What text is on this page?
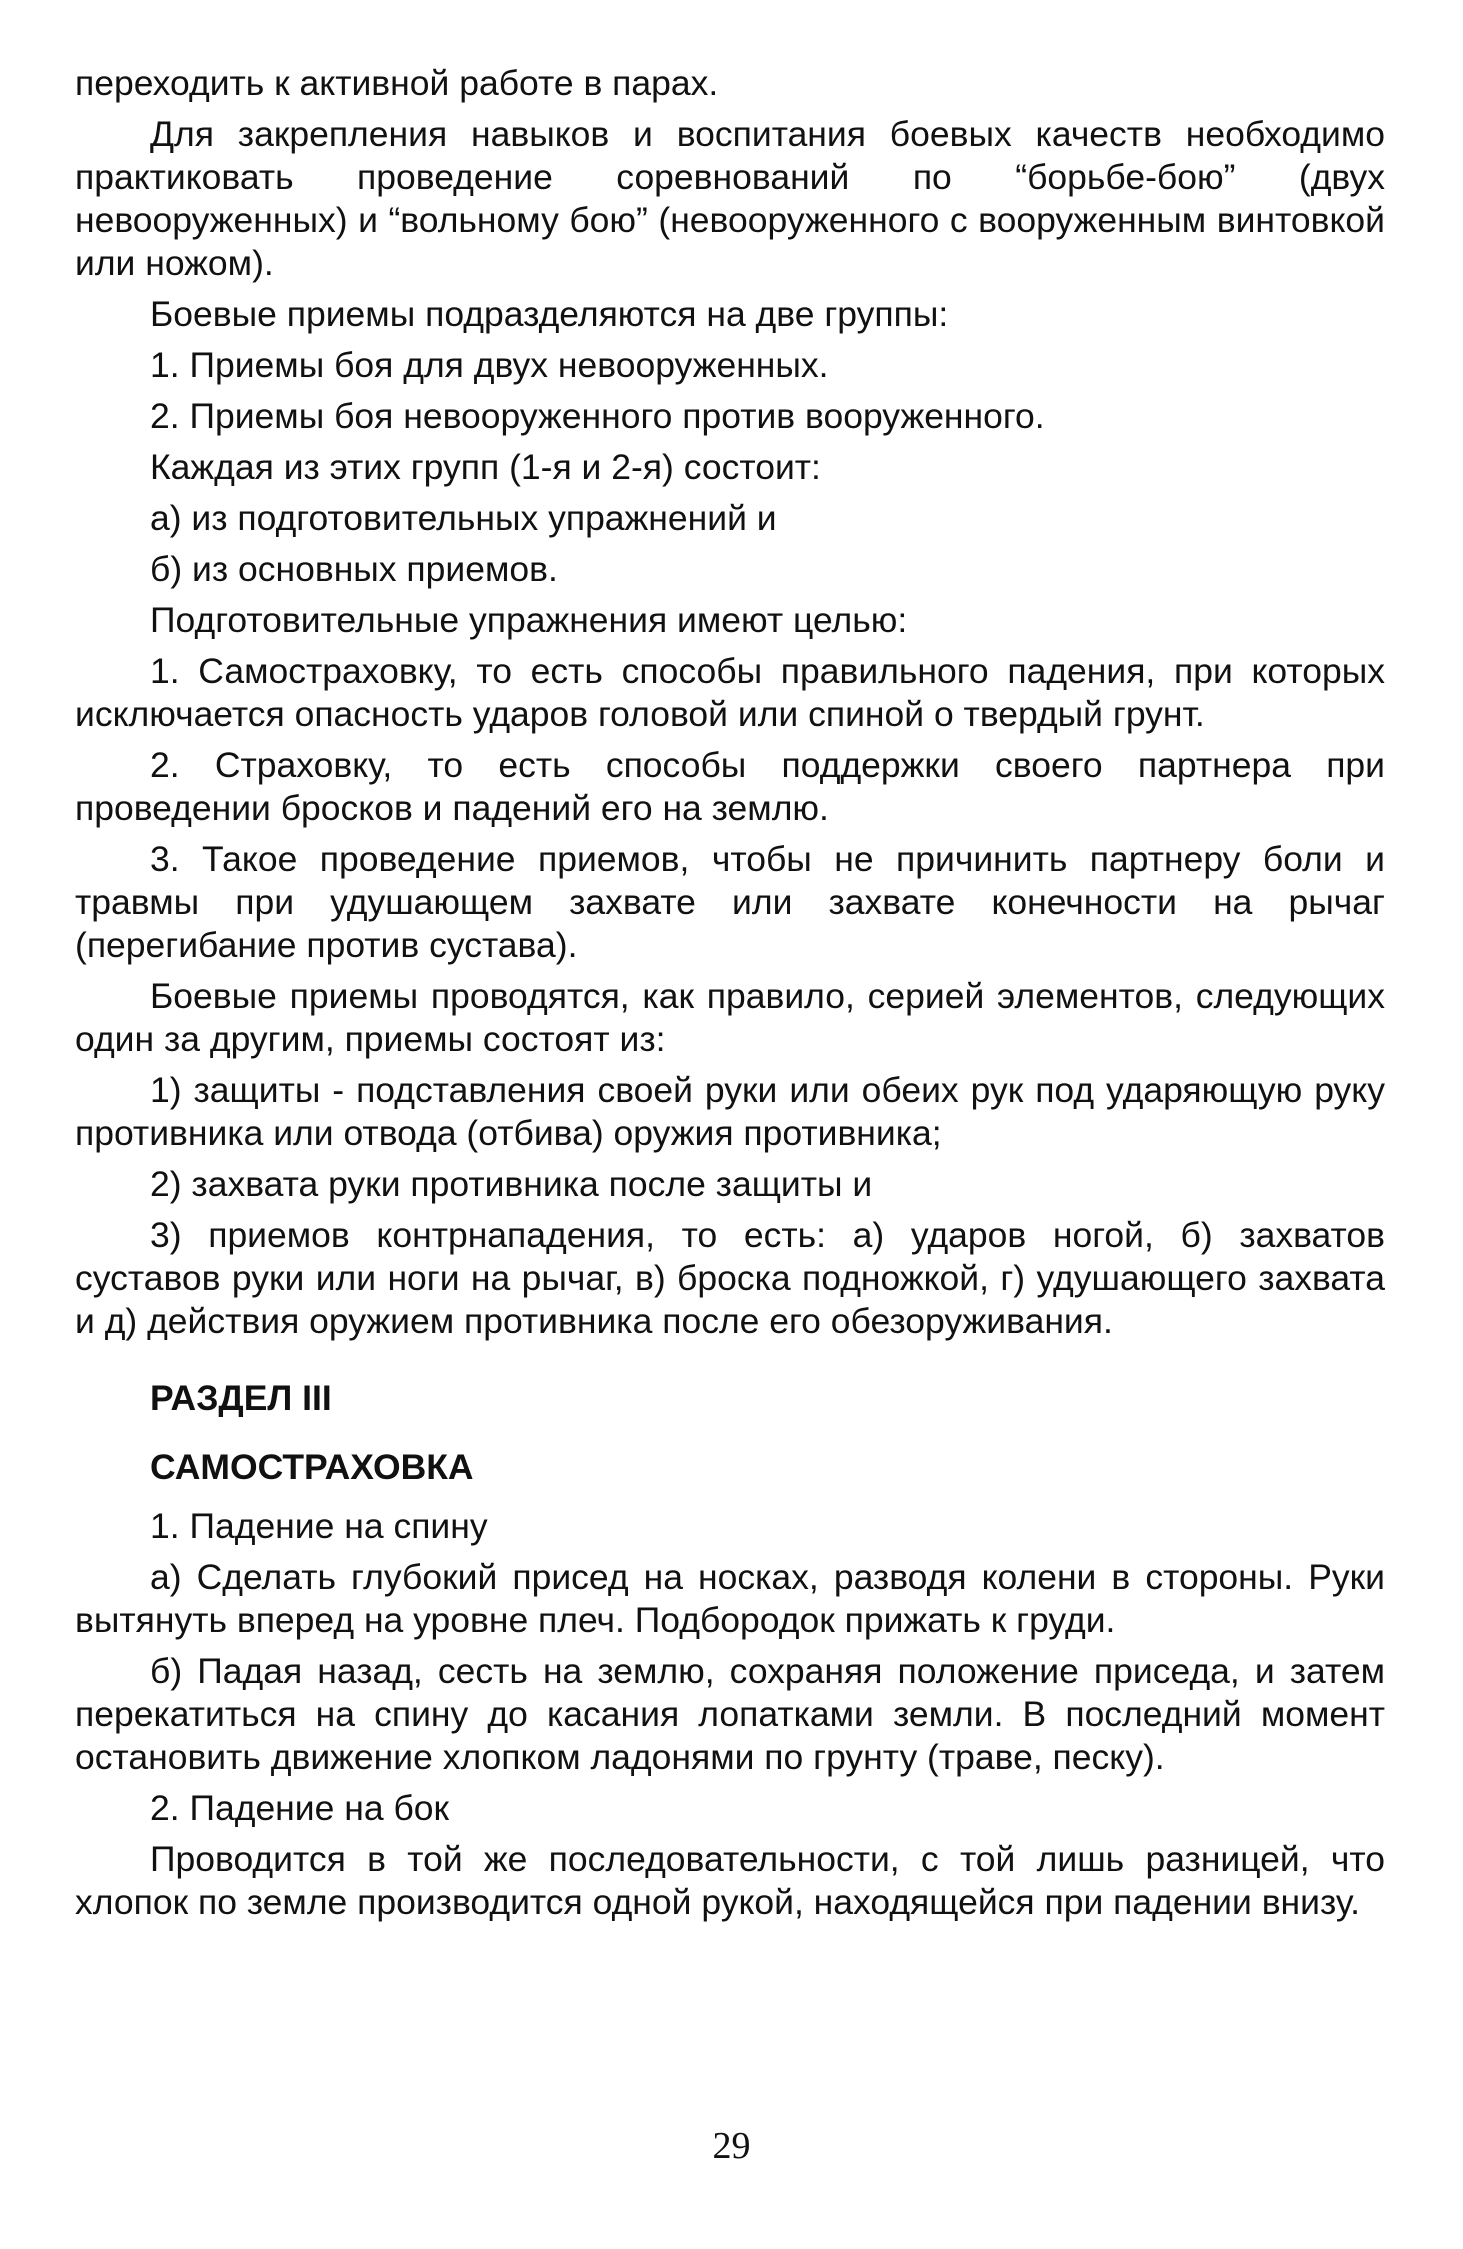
переходить к активной работе в парах.

Для закрепления навыков и воспитания боевых качеств необходимо практиковать проведение соревнований по “борьбе-бою” (двух невооруженных) и “вольному бою” (невооруженного с вооруженным винтовкой или ножом).

Боевые приемы подразделяются на две группы:

1. Приемы боя для двух невооруженных.

2. Приемы боя невооруженного против вооруженного.

Каждая из этих групп (1-я и 2-я) состоит:

а) из подготовительных упражнений и

б) из основных приемов.

Подготовительные упражнения имеют целью:

1. Самостраховку, то есть способы правильного падения, при которых исключается опасность ударов головой или спиной о твердый грунт.

2. Страховку, то есть способы поддержки своего партнера при проведении бросков и падений его на землю.

3. Такое проведение приемов, чтобы не причинить партнеру боли и травмы при удушающем захвате или захвате конечности на рычаг (перегибание против сустава).

Боевые приемы проводятся, как правило, серией элементов, следующих один за другим, приемы состоят из:

1) защиты - подставления своей руки или обеих рук под ударяющую руку противника или отвода (отбива) оружия противника;

2) захвата руки противника после защиты и

3) приемов контрнападения, то есть: а) ударов ногой, б) захватов суставов руки или ноги на рычаг, в) броска подножкой, г) удушающего захвата и д) действия оружием противника после его обезоруживания.

РАЗДЕЛ III
САМОСТРАХОВКА

1. Падение на спину

а) Сделать глубокий присед на носках, разводя колени в стороны. Руки вытянуть вперед на уровне плеч. Подбородок прижать к груди.

б) Падая назад, сесть на землю, сохраняя положение приседа, и затем перекатиться на спину до касания лопатками земли. В последний момент остановить движение хлопком ладонями по грунту (траве, песку).

2. Падение на бок

Проводится в той же последовательности, с той лишь разницей, что хлопок по земле производится одной рукой, находящейся при падении внизу.

29
